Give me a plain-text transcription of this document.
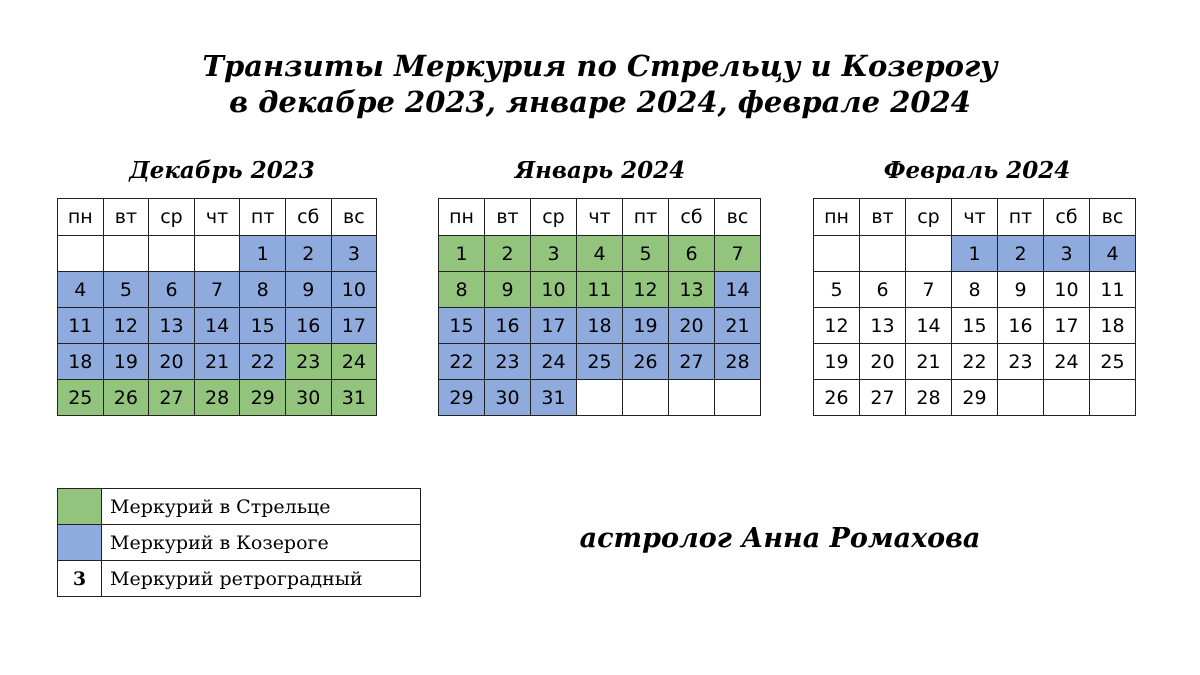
Транзиты Меркурия по Стрельцу и Козерогу
в декабре 2023, январе 2024, феврале 2024
Декабрь 2023
пн	вт	ср	чт	пт	сб	вс
				1	2	3
4	5	6	7	8	9	10
11	12	13	14	15	16	17
18	19	20	21	22	23	24
25	26	27	28	29	30	31
Январь 2024
пн	вт	ср	чт	пт	сб	вс
1	2	3	4	5	6	7
8	9	10	11	12	13	14
15	16	17	18	19	20	21
22	23	24	25	26	27	28
29	30	31				
Февраль 2024
пн	вт	ср	чт	пт	сб	вс
			1	2	3	4
5	6	7	8	9	10	11
12	13	14	15	16	17	18
19	20	21	22	23	24	25
26	27	28	29			
	Меркурий в Стрельце
	Меркурий в Козероге
3	Меркурий ретроградный
астролог Анна Ромахова
